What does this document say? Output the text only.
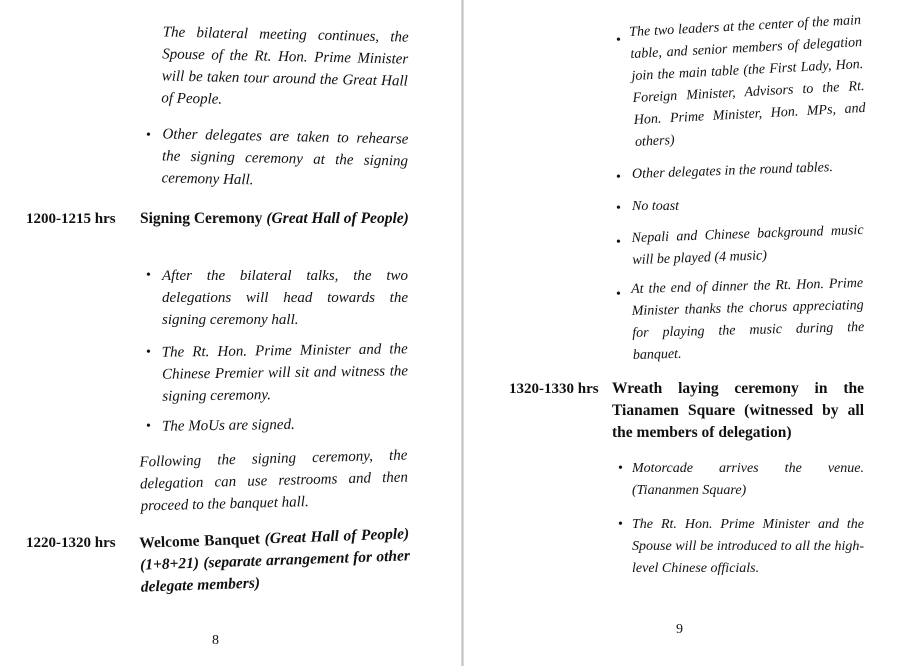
The bilateral meeting continues, the Spouse of the Rt. Hon. Prime Minister will be taken tour around the Great Hall of People.
• Other delegates are taken to rehearse the signing ceremony at the signing ceremony Hall.
1200-1215 hrs Signing Ceremony (Great Hall of People)
• After the bilateral talks, the two delegations will head towards the signing ceremony hall.
• The Rt. Hon. Prime Minister and the Chinese Premier will sit and witness the signing ceremony.
• The MoUs are signed.
Following the signing ceremony, the delegation can use restrooms and then proceed to the banquet hall.
1220-1320 hrs Welcome Banquet (Great Hall of People) (1+8+21) (separate arrangement for other delegate members)
8
•
The two leaders at the center of the main table, and senior members of delegation join the main table (the First Lady, Hon. Foreign Minister, Advisors to the Rt. Hon. Prime Minister, Hon. MPs, and others)
• Other delegates in the round tables.
• No toast
• Nepali and Chinese background music will be played (4 music)
• At the end of dinner the Rt. Hon. Prime Minister thanks the chorus appreciating for playing the music during the banquet.
1320-1330 hrs Wreath laying ceremony in the Tianamen Square (witnessed by all the members of delegation)
• Motorcade arrives the venue. (Tiananmen Square)
• The Rt. Hon. Prime Minister and the Spouse will be introduced to all the high-level Chinese officials.
9
